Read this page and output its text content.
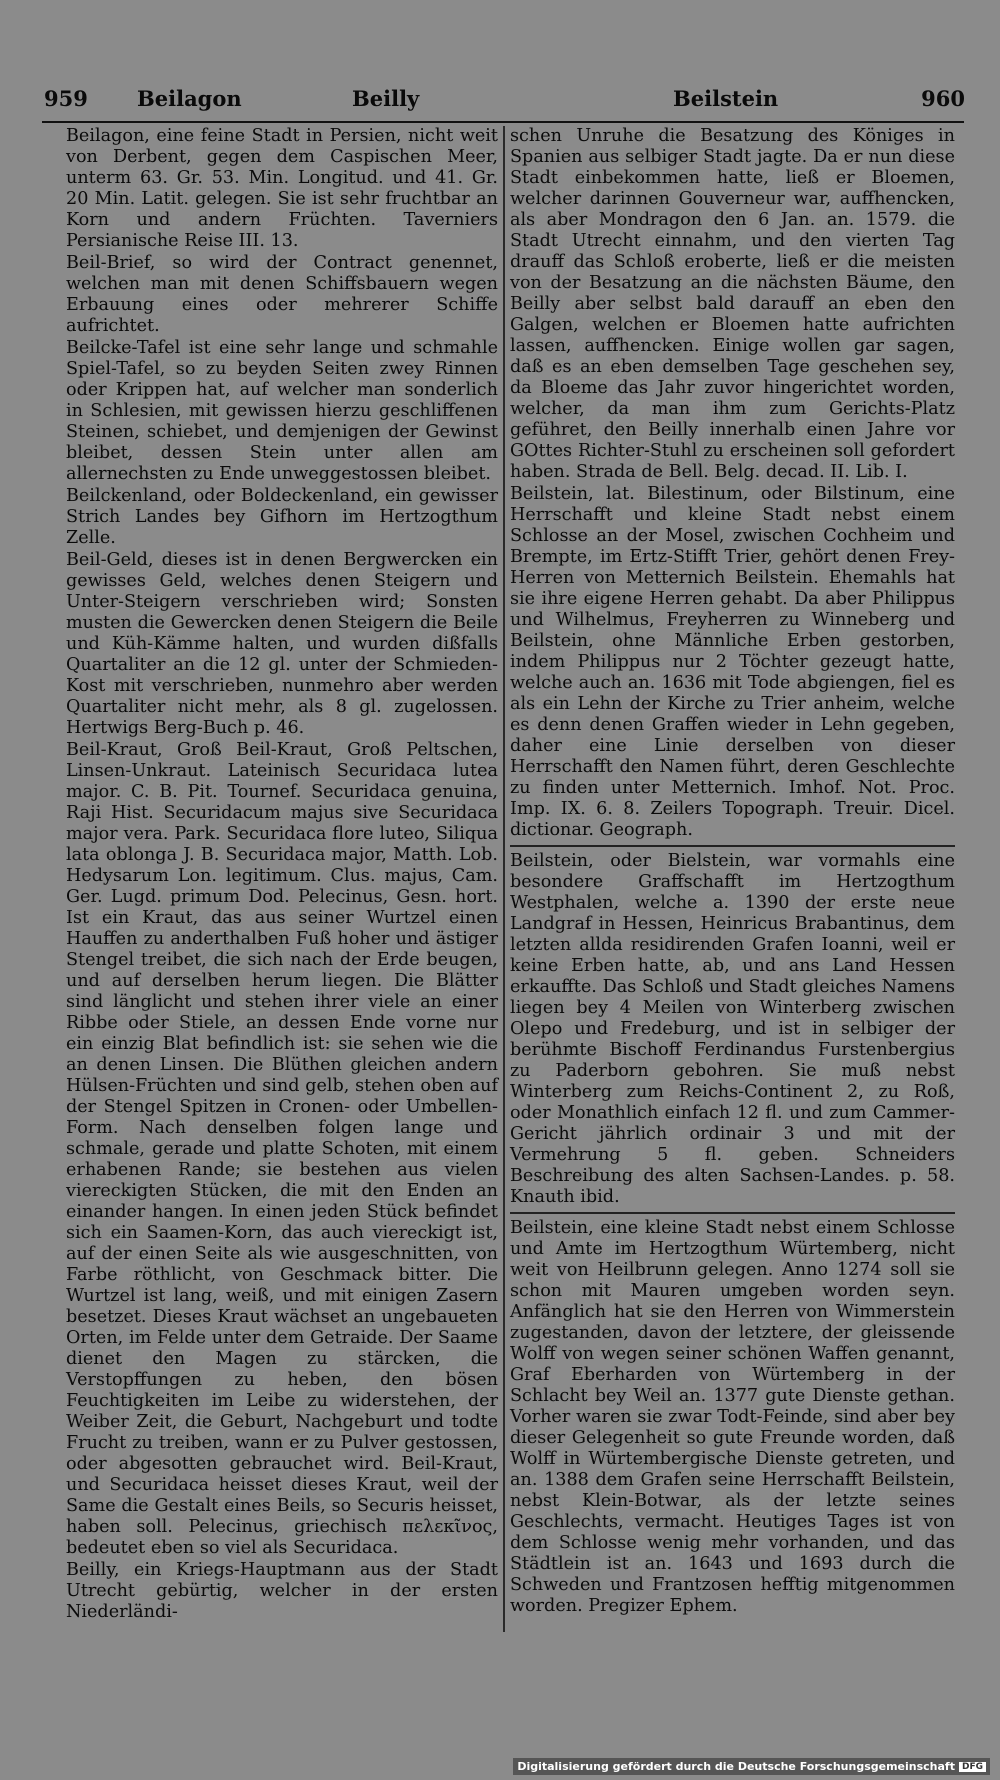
959 Beilagon	Beilly	Beilstein	960

Beilagon, eine feine Stadt in Persien, nicht weit von Derbent, gegen dem Caspischen Meer, unterm 63. Gr. 53. Min. Longitud. und 41. Gr. 20 Min. Latit. gelegen. Sie ist sehr fruchtbar an Korn und andern Früchten. Taverniers Persianische Reise III. 13.

Beil-Brief, so wird der Contract genennet, welchen man mit denen Schiffsbauern wegen Erbauung eines oder mehrerer Schiffe aufrichtet.

Beilcke-Tafel ist eine sehr lange und schmahle Spiel-Tafel, so zu beyden Seiten zwey Rinnen oder Krippen hat, auf welcher man sonderlich in Schlesien, mit gewissen hierzu geschliffenen Steinen, schiebet, und demjenigen der Gewinst bleibet, dessen Stein unter allen am allernechsten zu Ende unweggestossen bleibet.

Beilckenland, oder Boldeckenland, ein gewisser Strich Landes bey Gifhorn im Hertzogthum Zelle.

Beil-Geld, dieses ist in denen Bergwercken ein gewisses Geld, welches denen Steigern und Unter-Steigern verschrieben wird; Sonsten musten die Gewercken denen Steigern die Beile und Küh-Kämme halten, und wurden dißfalls Quartaliter an die 12 gl. unter der Schmieden-Kost mit verschrieben, nunmehro aber werden Quartaliter nicht mehr, als 8 gl. zugelossen. Hertwigs Berg-Buch p. 46.

Beil-Kraut, Groß Beil-Kraut, Groß Peltschen, Linsen-Unkraut. Lateinisch Securidaca lutea major. C. B. Pit. Tournef. Securidaca genuina, Raji Hist. Securidacum majus sive Securidaca major vera. Park. Securidaca flore luteo, Siliqua lata oblonga J. B. Securidaca major, Matth. Lob. Hedysarum Lon. legitimum. Clus. majus, Cam. Ger. Lugd. primum Dod. Pelecinus, Gesn. hort. Ist ein Kraut, das aus seiner Wurtzel einen Hauffen zu anderthalben Fuß hoher und ästiger Stengel treibet, die sich nach der Erde beugen, und auf derselben herum liegen. Die Blätter sind länglicht und stehen ihrer viele an einer Ribbe oder Stiele, an dessen Ende vorne nur ein einzig Blat befindlich ist: sie sehen wie die an denen Linsen. Die Blüthen gleichen andern Hülsen-Früchten und sind gelb, stehen oben auf der Stengel Spitzen in Cronen- oder Umbellen-Form. Nach denselben folgen lange und schmale, gerade und platte Schoten, mit einem erhabenen Rande; sie bestehen aus vielen viereckigten Stücken, die mit den Enden an einander hangen. In einen jeden Stück befindet sich ein Saamen-Korn, das auch viereckigt ist, auf der einen Seite als wie ausgeschnitten, von Farbe röthlicht, von Geschmack bitter. Die Wurtzel ist lang, weiß, und mit einigen Zasern besetzet. Dieses Kraut wächset an ungebaueten Orten, im Felde unter dem Getraide. Der Saame dienet den Magen zu stärcken, die Verstopffungen zu heben, den bösen Feuchtigkeiten im Leibe zu widerstehen, der Weiber Zeit, die Geburt, Nachgeburt und todte Frucht zu treiben, wann er zu Pulver gestossen, oder abgesotten gebrauchet wird. Beil-Kraut, und Securidaca heisset dieses Kraut, weil der Same die Gestalt eines Beils, so Securis heisset, haben soll. Pelecinus, griechisch πελεκῖνος, bedeutet eben so viel als Securidaca.

Beilly, ein Kriegs-Hauptmann aus der Stadt Utrecht gebürtig, welcher in der ersten Niederländi-

schen Unruhe die Besatzung des Königes in Spanien aus selbiger Stadt jagte. Da er nun diese Stadt einbekommen hatte, ließ er Bloemen, welcher darinnen Gouverneur war, auffhencken, als aber Mondragon den 6 Jan. an. 1579. die Stadt Utrecht einnahm, und den vierten Tag drauff das Schloß eroberte, ließ er die meisten von der Besatzung an die nächsten Bäume, den Beilly aber selbst bald darauff an eben den Galgen, welchen er Bloemen hatte aufrichten lassen, auffhencken. Einige wollen gar sagen, daß es an eben demselben Tage geschehen sey, da Bloeme das Jahr zuvor hingerichtet worden, welcher, da man ihm zum Gerichts-Platz geführet, den Beilly innerhalb einen Jahre vor GOttes Richter-Stuhl zu erscheinen soll gefordert haben. Strada de Bell. Belg. decad. II. Lib. I.

Beilstein, lat. Bilestinum, oder Bilstinum, eine Herrschafft und kleine Stadt nebst einem Schlosse an der Mosel, zwischen Cochheim und Brempte, im Ertz-Stifft Trier, gehört denen Frey-Herren von Metternich Beilstein. Ehemahls hat sie ihre eigene Herren gehabt. Da aber Philippus und Wilhelmus, Freyherren zu Winneberg und Beilstein, ohne Männliche Erben gestorben, indem Philippus nur 2 Töchter gezeugt hatte, welche auch an. 1636 mit Tode abgiengen, fiel es als ein Lehn der Kirche zu Trier anheim, welche es denn denen Graffen wieder in Lehn gegeben, daher eine Linie derselben von dieser Herrschafft den Namen führt, deren Geschlechte zu finden unter Metternich. Imhof. Not. Proc. Imp. IX. 6. 8. Zeilers Topograph. Treuir. Dicel. dictionar. Geograph.

Beilstein, oder Bielstein, war vormahls eine besondere Graffschafft im Hertzogthum Westphalen, welche a. 1390 der erste neue Landgraf in Hessen, Heinricus Brabantinus, dem letzten allda residirenden Grafen Ioanni, weil er keine Erben hatte, ab, und ans Land Hessen erkauffte. Das Schloß und Stadt gleiches Namens liegen bey 4 Meilen von Winterberg zwischen Olepo und Fredeburg, und ist in selbiger der berühmte Bischoff Ferdinandus Furstenbergius zu Paderborn gebohren. Sie muß nebst Winterberg zum Reichs-Continent 2, zu Roß, oder Monathlich einfach 12 fl. und zum Cammer-Gericht jährlich ordinair 3 und mit der Vermehrung 5 fl. geben. Schneiders Beschreibung des alten Sachsen-Landes. p. 58. Knauth ibid.

Beilstein, eine kleine Stadt nebst einem Schlosse und Amte im Hertzogthum Würtemberg, nicht weit von Heilbrunn gelegen. Anno 1274 soll sie schon mit Mauren umgeben worden seyn. Anfänglich hat sie den Herren von Wimmerstein zugestanden, davon der letztere, der gleissende Wolff von wegen seiner schönen Waffen genannt, Graf Eberharden von Würtemberg in der Schlacht bey Weil an. 1377 gute Dienste gethan. Vorher waren sie zwar Todt-Feinde, sind aber bey dieser Gelegenheit so gute Freunde worden, daß Wolff in Würtembergische Dienste getreten, und an. 1388 dem Grafen seine Herrschafft Beilstein, nebst Klein-Botwar, als der letzte seines Geschlechts, vermacht. Heutiges Tages ist von dem Schlosse wenig mehr vorhanden, und das Städtlein ist an. 1643 und 1693 durch die Schweden und Frantzosen hefftig mitgenommen worden. Pregizer Ephem.

Digitalisierung gefördert durch die Deutsche Forschungsgemeinschaft DFG
